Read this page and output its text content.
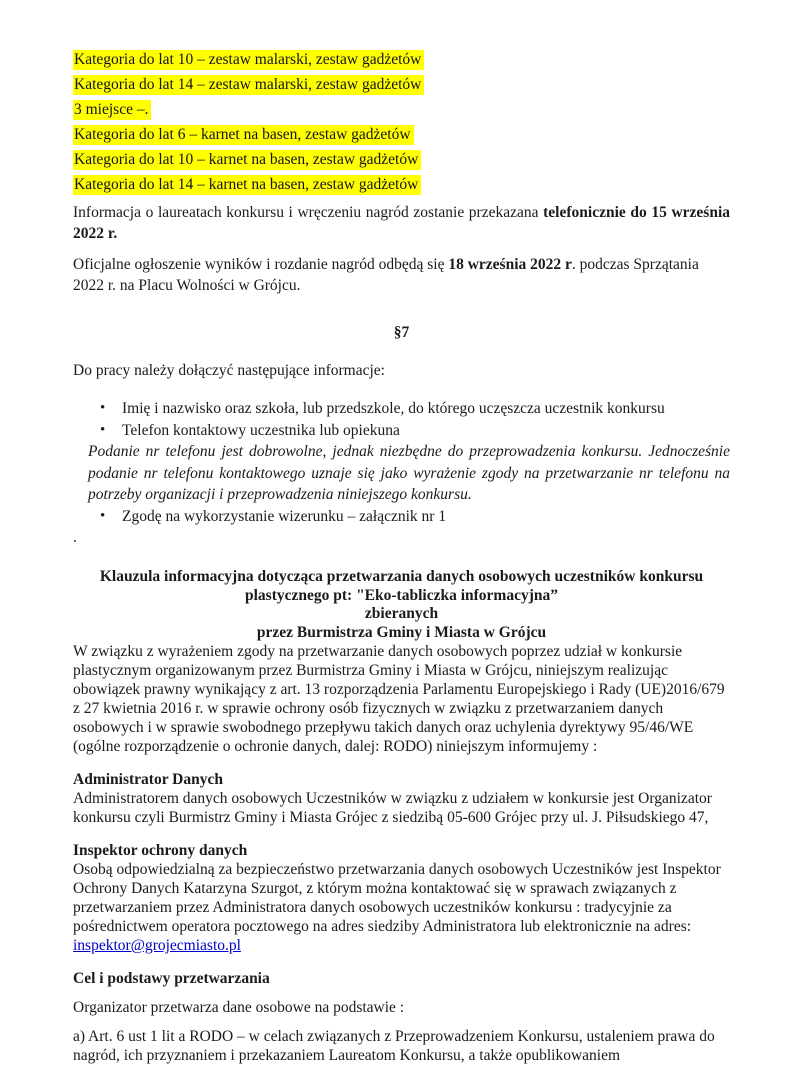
Kategoria do lat 10 – zestaw malarski, zestaw gadżetów

Kategoria do lat 14 – zestaw malarski, zestaw gadżetów

3 miejsce –.

Kategoria do lat 6 – karnet na basen, zestaw gadżetów

Kategoria do lat 10 – karnet na basen, zestaw gadżetów

Kategoria do lat 14 – karnet na basen, zestaw gadżetów

Informacja o laureatach konkursu i wręczeniu nagród zostanie przekazana telefonicznie do 15 września 2022 r.

Oficjalne ogłoszenie wyników i rozdanie nagród odbędą się 18 września 2022 r. podczas Sprzątania 2022 r. na Placu Wolności w Grójcu.

§7

Do pracy należy dołączyć następujące informacje:

• Imię i nazwisko oraz szkoła, lub przedszkole, do którego uczęszcza uczestnik konkursu
• Telefon kontaktowy uczestnika lub opiekuna

Podanie nr telefonu jest dobrowolne, jednak niezbędne do przeprowadzenia konkursu. Jednocześnie podanie nr telefonu kontaktowego uznaje się jako wyrażenie zgody na przetwarzanie nr telefonu na potrzeby organizacji i przeprowadzenia niniejszego konkursu.

• Zgodę na wykorzystanie wizerunku – załącznik nr 1

.

Klauzula informacyjna dotycząca przetwarzania danych osobowych uczestników konkursu plastycznego pt: "Eko-tabliczka informacyjna”

zbieranych

przez Burmistrza Gminy i Miasta w Grójcu

W związku z wyrażeniem zgody na przetwarzanie danych osobowych poprzez udział w konkursie plastycznym organizowanym przez Burmistrza Gminy i Miasta w Grójcu, niniejszym realizując obowiązek prawny wynikający z art. 13 rozporządzenia Parlamentu Europejskiego i Rady (UE)2016/679 z 27 kwietnia 2016 r. w sprawie ochrony osób fizycznych w związku z przetwarzaniem danych osobowych i w sprawie swobodnego przepływu takich danych oraz uchylenia dyrektywy 95/46/WE (ogólne rozporządzenie o ochronie danych, dalej: RODO) niniejszym informujemy :

Administrator Danych

Administratorem danych osobowych Uczestników w związku z udziałem w konkursie jest Organizator konkursu czyli Burmistrz Gminy i Miasta Grójec z siedzibą 05-600 Grójec przy ul. J. Piłsudskiego 47,

Inspektor ochrony danych

Osobą odpowiedzialną za bezpieczeństwo przetwarzania danych osobowych Uczestników jest Inspektor Ochrony Danych Katarzyna Szurgot, z którym można kontaktować się w sprawach związanych z przetwarzaniem przez Administratora danych osobowych uczestników konkursu : tradycyjnie za pośrednictwem operatora pocztowego na adres siedziby Administratora lub elektronicznie na adres: inspektor@grojecmiasto.pl

Cel i podstawy przetwarzania

Organizator przetwarza dane osobowe na podstawie :

a) Art. 6 ust 1 lit a RODO – w celach związanych z Przeprowadzeniem Konkursu, ustaleniem prawa do nagród, ich przyznaniem i przekazaniem Laureatom Konkursu, a także opublikowaniem
